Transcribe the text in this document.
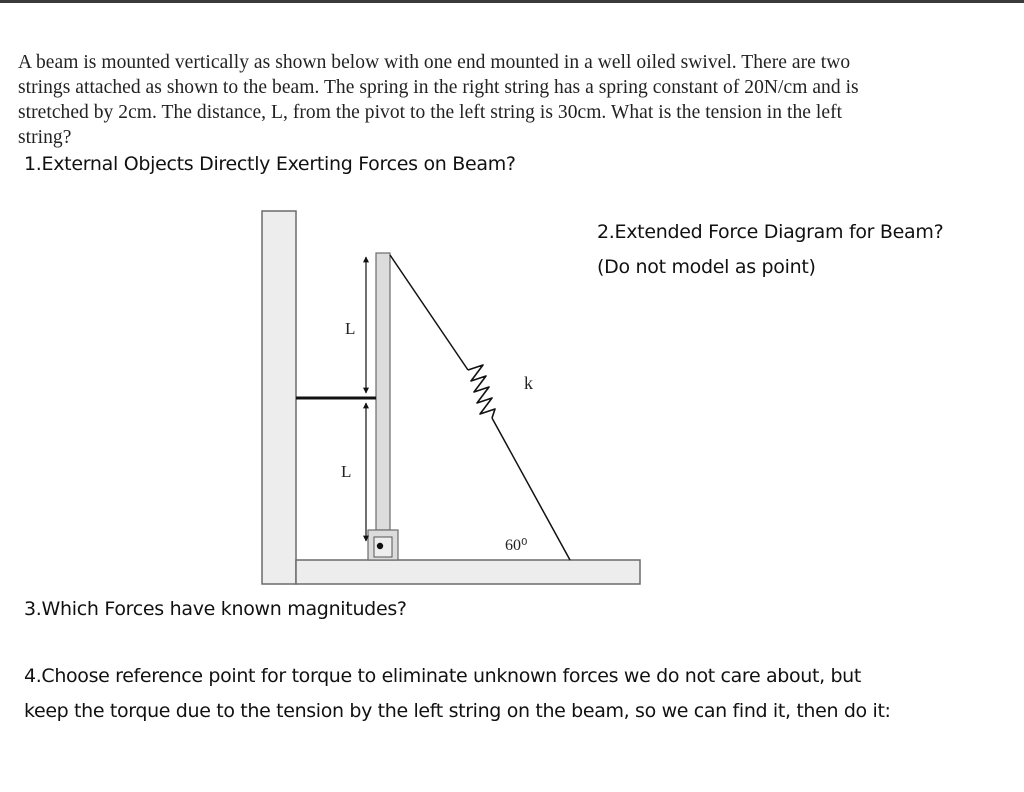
A beam is mounted vertically as shown below with one end mounted in a well oiled swivel. There are two
strings attached as shown to the beam. The spring in the right string has a spring constant of 20N/cm and is
stretched by 2cm. The distance, L, from the pivot to the left string is 30cm. What is the tension in the left
string?
1.External Objects Directly Exerting Forces on Beam?
2.Extended Force Diagram for Beam?
(Do not model as point)
3.Which Forces have known magnitudes?
4.Choose reference point for torque to eliminate unknown forces we do not care about, but
keep the torque due to the tension by the left string on the beam, so we can find it, then do it:
L
L
k
60⁰
